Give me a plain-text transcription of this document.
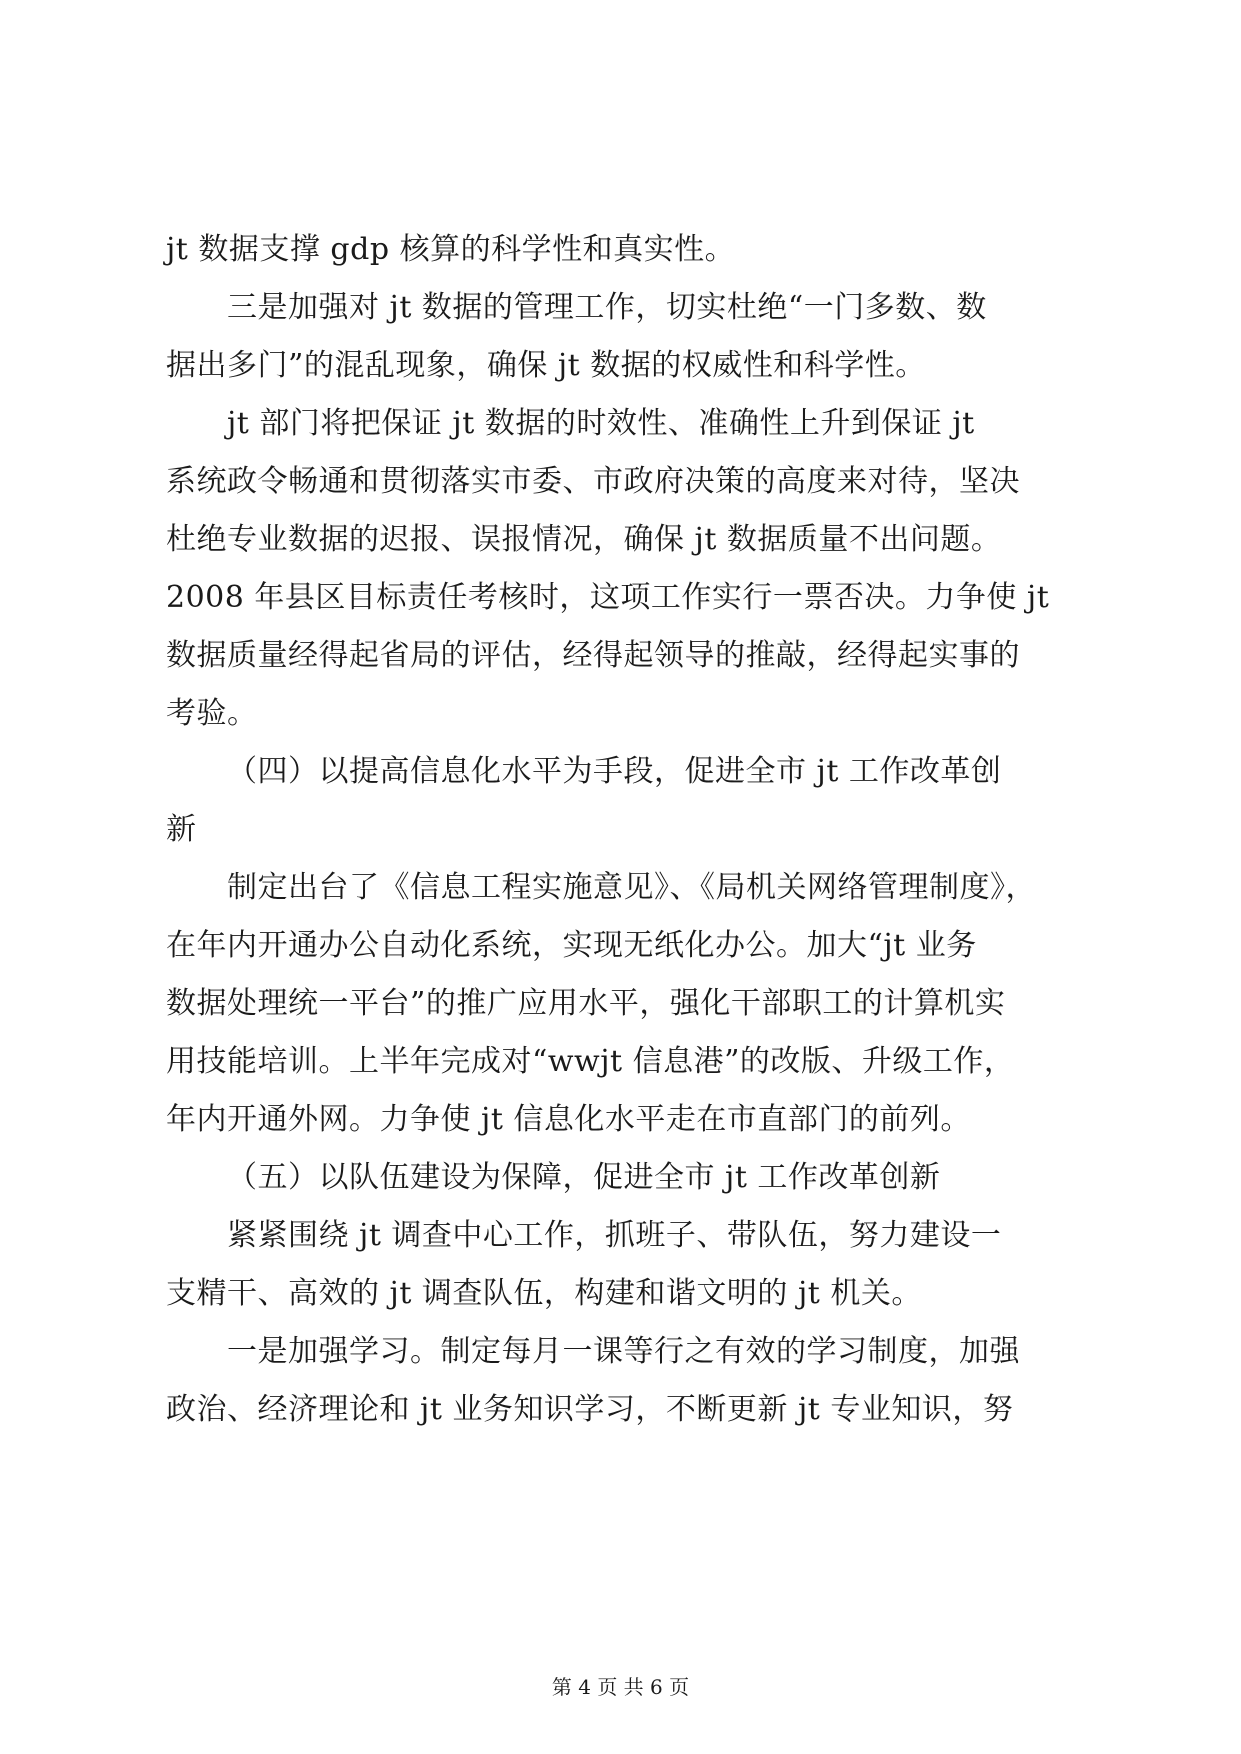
jt 数据支撑 gdp 核算的科学性和真实性。
三是加强对 jt 数据的管理工作，切实杜绝“一门多数、数
据出多门”的混乱现象，确保 jt 数据的权威性和科学性。
jt 部门将把保证 jt 数据的时效性、准确性上升到保证 jt
系统政令畅通和贯彻落实市委、市政府决策的高度来对待，坚决
杜绝专业数据的迟报、误报情况，确保 jt 数据质量不出问题。
2008 年县区目标责任考核时，这项工作实行一票否决。力争使 jt
数据质量经得起省局的评估，经得起领导的推敲，经得起实事的
考验。
（四）以提高信息化水平为手段，促进全市 jt 工作改革创
新
制定出台了《信息工程实施意见》、《局机关网络管理制度》，
在年内开通办公自动化系统，实现无纸化办公。加大“jt 业务
数据处理统一平台”的推广应用水平，强化干部职工的计算机实
用技能培训。上半年完成对“wwjt 信息港”的改版、升级工作，
年内开通外网。力争使 jt 信息化水平走在市直部门的前列。
（五）以队伍建设为保障，促进全市 jt 工作改革创新
紧紧围绕 jt 调查中心工作，抓班子、带队伍，努力建设一
支精干、高效的 jt 调查队伍，构建和谐文明的 jt 机关。
一是加强学习。制定每月一课等行之有效的学习制度，加强
政治、经济理论和 jt 业务知识学习，不断更新 jt 专业知识，努
第 4 页 共 6 页
